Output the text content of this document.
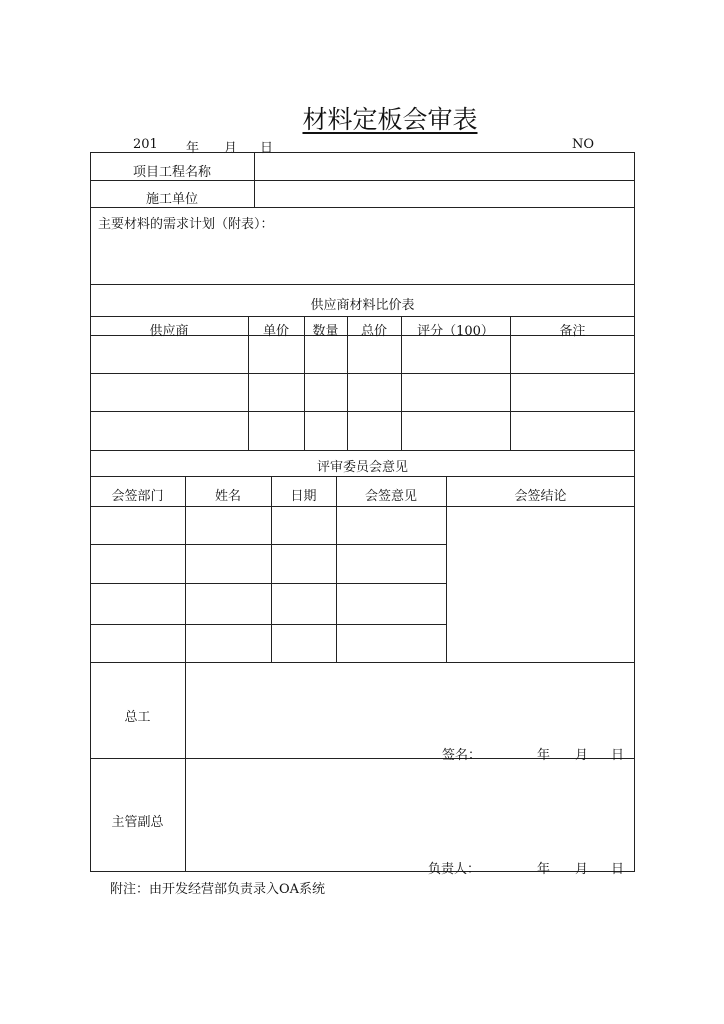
材料定板会审表
201 年 月 日	NO
项目工程名称
施工单位
主要材料的需求计划（附表）：
供应商材料比价表
供应商	单价	数量	总价	评分（100）	备注
评审委员会意见
会签部门	姓名	日期	会签意见	会签结论
总工
签名：	年 月 日
主管副总
负责人：	年 月 日
附注：由开发经营部负责录入OA系统
